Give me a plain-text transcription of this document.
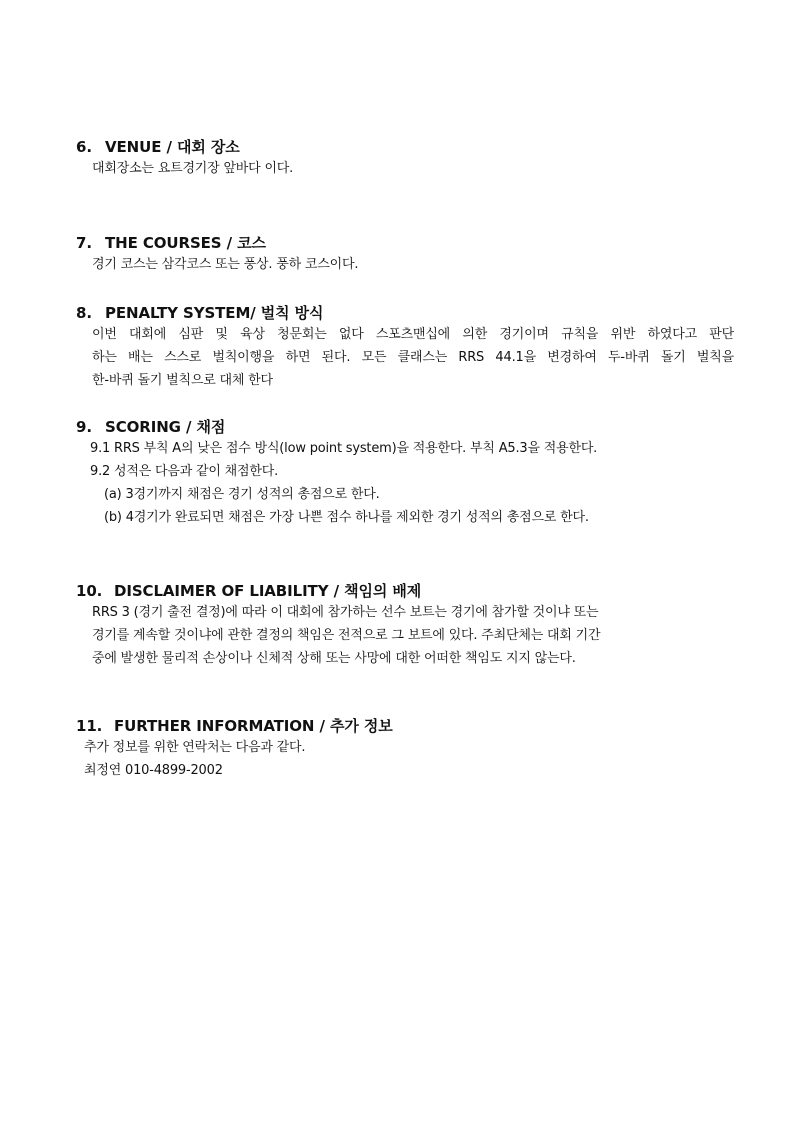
6. VENUE / 대회 장소
대회장소는 요트경기장 앞바다 이다.
7. THE COURSES / 코스
경기 코스는 삼각코스 또는 풍상. 풍하 코스이다.
8. PENALTY SYSTEM/ 벌칙 방식
이번 대회에 심판 및 육상 청문회는 없다 스포츠맨십에 의한 경기이며 규칙을 위반 하였다고 판단
하는 배는 스스로 벌칙이행을 하면 된다. 모든 클래스는 RRS 44.1을 변경하여 두-바퀴 돌기 벌칙을
한-바퀴 돌기 벌칙으로 대체 한다
9. SCORING / 채점
9.1 RRS 부칙 A의 낮은 점수 방식(low point system)을 적용한다. 부칙 A5.3을 적용한다.
9.2 성적은 다음과 같이 채점한다.
(a) 3경기까지 채점은 경기 성적의 총점으로 한다.
(b) 4경기가 완료되면 채점은 가장 나쁜 점수 하나를 제외한 경기 성적의 총점으로 한다.
10. DISCLAIMER OF LIABILITY / 책임의 배제
RRS 3 (경기 출전 결정)에 따라 이 대회에 참가하는 선수 보트는 경기에 참가할 것이냐 또는
경기를 계속할 것이냐에 관한 결정의 책임은 전적으로 그 보트에 있다. 주최단체는 대회 기간
중에 발생한 물리적 손상이나 신체적 상해 또는 사망에 대한 어떠한 책임도 지지 않는다.
11. FURTHER INFORMATION / 추가 정보
추가 정보를 위한 연락처는 다음과 같다.
최정연 010-4899-2002
